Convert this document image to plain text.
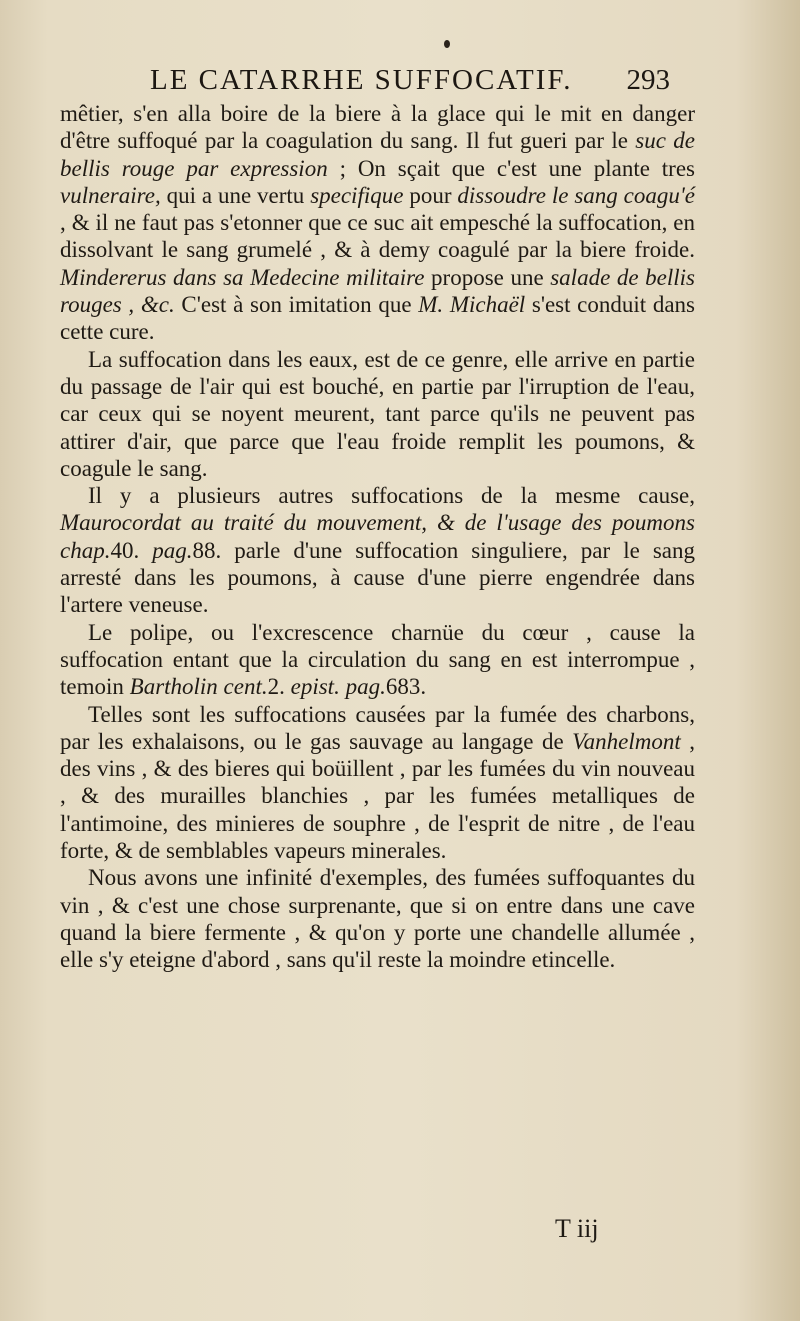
LE CATARRHE SUFFOCATIF. 293

mêtier, s'en alla boire de la biere à la glace qui le mit en danger d'être suffoqué par la coagulation du sang. Il fut gueri par le suc de bellis rouge par expression ; On sçait que c'est une plante tres vulneraire, qui a une vertu specifique pour dissoudre le sang coagu'é , & il ne faut pas s'etonner que ce suc ait empesché la suffocation, en dissolvant le sang grumelé , & à demy coagulé par la biere froide. Mindererus dans sa Medecine militaire propose une salade de bellis rouges , &c. C'est à son imitation que M. Michaël s'est conduit dans cette cure.

La suffocation dans les eaux, est de ce genre, elle arrive en partie du passage de l'air qui est bouché, en partie par l'irruption de l'eau, car ceux qui se noyent meurent, tant parce qu'ils ne peuvent pas attirer d'air, que parce que l'eau froide remplit les poumons, & coagule le sang.

Il y a plusieurs autres suffocations de la mesme cause, Maurocordat au traité du mouvement, & de l'usage des poumons chap.40. pag.88. parle d'une suffocation singuliere, par le sang arresté dans les poumons, à cause d'une pierre engendrée dans l'artere veneuse.

Le polipe, ou l'excrescence charnüe du cœur , cause la suffocation entant que la circulation du sang en est interrompue , temoin Bartholin cent.2. epist. pag.683.

Telles sont les suffocations causées par la fumée des charbons, par les exhalaisons, ou le gas sauvage au langage de Vanhelmont , des vins , & des bieres qui boüillent , par les fumées du vin nouveau , & des murailles blanchies , par les fumées metalliques de l'antimoine, des minieres de souphre , de l'esprit de nitre , de l'eau forte, & de semblables vapeurs minerales.

Nous avons une infinité d'exemples, des fumées suffoquantes du vin , & c'est une chose surprenante, que si on entre dans une cave quand la biere fermente , & qu'on y porte une chandelle allumée , elle s'y eteigne d'abord , sans qu'il reste la moindre etincelle.

T iij
